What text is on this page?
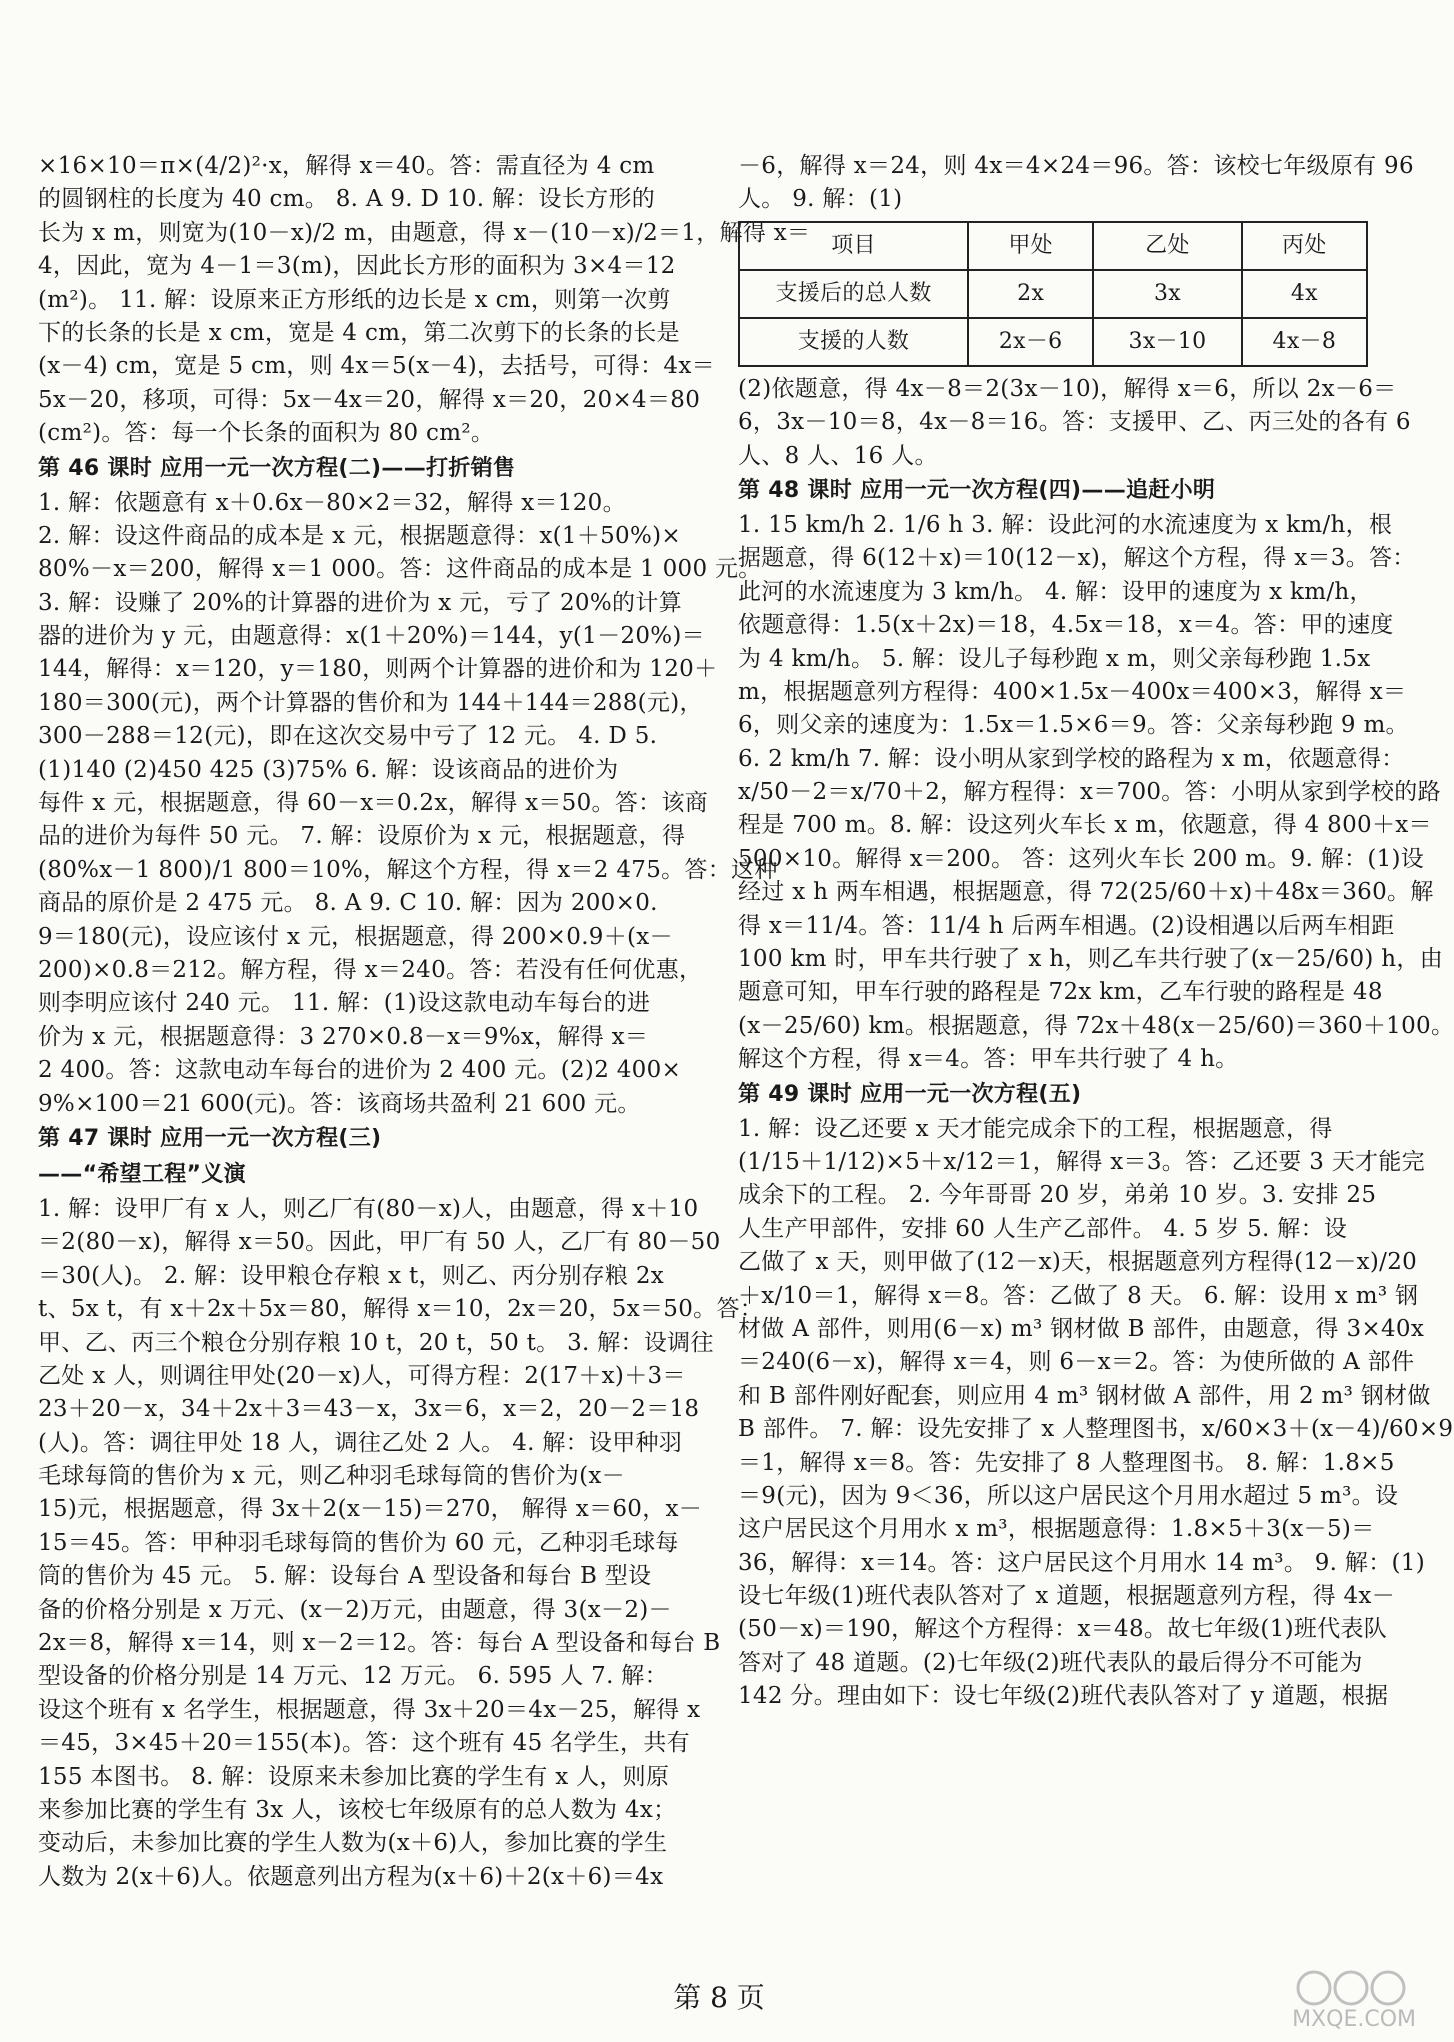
×16×10＝π×(4/2)²·x，解得 x＝40。答：需直径为 4 cm
的圆钢柱的长度为 40 cm。 8. A 9. D 10. 解：设长方形的
长为 x m，则宽为(10－x)/2 m，由题意，得 x－(10－x)/2＝1，解得 x＝
4，因此，宽为 4－1＝3(m)，因此长方形的面积为 3×4＝12
(m²)。 11. 解：设原来正方形纸的边长是 x cm，则第一次剪
下的长条的长是 x cm，宽是 4 cm，第二次剪下的长条的长是
(x－4) cm，宽是 5 cm，则 4x＝5(x－4)，去括号，可得：4x＝
5x－20，移项，可得：5x－4x＝20，解得 x＝20，20×4＝80
(cm²)。答：每一个长条的面积为 80 cm²。
第 46 课时 应用一元一次方程(二)——打折销售
1. 解：依题意有 x＋0.6x－80×2＝32，解得 x＝120。
2. 解：设这件商品的成本是 x 元，根据题意得：x(1＋50%)×
80%－x＝200，解得 x＝1 000。答：这件商品的成本是 1 000 元。
3. 解：设赚了 20%的计算器的进价为 x 元，亏了 20%的计算
器的进价为 y 元，由题意得：x(1＋20%)＝144，y(1－20%)＝
144，解得：x＝120，y＝180，则两个计算器的进价和为 120＋
180＝300(元)，两个计算器的售价和为 144＋144＝288(元)，
300－288＝12(元)，即在这次交易中亏了 12 元。 4. D 5.
(1)140 (2)450 425 (3)75% 6. 解：设该商品的进价为
每件 x 元，根据题意，得 60－x＝0.2x，解得 x＝50。答：该商
品的进价为每件 50 元。 7. 解：设原价为 x 元，根据题意，得
(80%x－1 800)/1 800＝10%，解这个方程，得 x＝2 475。答：这种
商品的原价是 2 475 元。 8. A 9. C 10. 解：因为 200×0.
9＝180(元)，设应该付 x 元，根据题意，得 200×0.9＋(x－
200)×0.8＝212。解方程，得 x＝240。答：若没有任何优惠，
则李明应该付 240 元。 11. 解：(1)设这款电动车每台的进
价为 x 元，根据题意得：3 270×0.8－x＝9%x，解得 x＝
2 400。答：这款电动车每台的进价为 2 400 元。(2)2 400×
9%×100＝21 600(元)。答：该商场共盈利 21 600 元。
第 47 课时 应用一元一次方程(三)
——“希望工程”义演
1. 解：设甲厂有 x 人，则乙厂有(80－x)人，由题意，得 x＋10
＝2(80－x)，解得 x＝50。因此，甲厂有 50 人，乙厂有 80－50
＝30(人)。 2. 解：设甲粮仓存粮 x t，则乙、丙分别存粮 2x
t、5x t，有 x＋2x＋5x＝80，解得 x＝10，2x＝20，5x＝50。答：
甲、乙、丙三个粮仓分别存粮 10 t，20 t，50 t。 3. 解：设调往
乙处 x 人，则调往甲处(20－x)人，可得方程：2(17＋x)＋3＝
23＋20－x，34＋2x＋3＝43－x，3x＝6，x＝2，20－2＝18
(人)。答：调往甲处 18 人，调往乙处 2 人。 4. 解：设甲种羽
毛球每筒的售价为 x 元，则乙种羽毛球每筒的售价为(x－
15)元，根据题意，得 3x＋2(x－15)＝270， 解得 x＝60，x－
15＝45。答：甲种羽毛球每筒的售价为 60 元，乙种羽毛球每
筒的售价为 45 元。 5. 解：设每台 A 型设备和每台 B 型设
备的价格分别是 x 万元、(x－2)万元，由题意，得 3(x－2)－
2x＝8，解得 x＝14，则 x－2＝12。答：每台 A 型设备和每台 B
型设备的价格分别是 14 万元、12 万元。 6. 595 人 7. 解：
设这个班有 x 名学生，根据题意，得 3x＋20＝4x－25，解得 x
＝45，3×45＋20＝155(本)。答：这个班有 45 名学生，共有
155 本图书。 8. 解：设原来未参加比赛的学生有 x 人，则原
来参加比赛的学生有 3x 人，该校七年级原有的总人数为 4x；
变动后，未参加比赛的学生人数为(x＋6)人，参加比赛的学生
人数为 2(x＋6)人。依题意列出方程为(x＋6)＋2(x＋6)＝4x
－6，解得 x＝24，则 4x＝4×24＝96。答：该校七年级原有 96
人。 9. 解：(1)
项目	甲处	乙处	丙处
支援后的总人数	2x	3x	4x
支援的人数	2x－6	3x－10	4x－8
(2)依题意，得 4x－8＝2(3x－10)，解得 x＝6，所以 2x－6＝
6，3x－10＝8，4x－8＝16。答：支援甲、乙、丙三处的各有 6
人、8 人、16 人。
第 48 课时 应用一元一次方程(四)——追赶小明
1. 15 km/h 2. 1/6 h 3. 解：设此河的水流速度为 x km/h，根
据题意，得 6(12＋x)＝10(12－x)，解这个方程，得 x＝3。答：
此河的水流速度为 3 km/h。 4. 解：设甲的速度为 x km/h，
依题意得：1.5(x＋2x)＝18，4.5x＝18，x＝4。答：甲的速度
为 4 km/h。 5. 解：设儿子每秒跑 x m，则父亲每秒跑 1.5x
m，根据题意列方程得：400×1.5x－400x＝400×3，解得 x＝
6，则父亲的速度为：1.5x＝1.5×6＝9。答：父亲每秒跑 9 m。
6. 2 km/h 7. 解：设小明从家到学校的路程为 x m，依题意得：
x/50－2＝x/70＋2，解方程得：x＝700。答：小明从家到学校的路
程是 700 m。8. 解：设这列火车长 x m，依题意，得 4 800＋x＝
500×10。解得 x＝200。 答：这列火车长 200 m。9. 解：(1)设
经过 x h 两车相遇，根据题意，得 72(25/60＋x)＋48x＝360。解
得 x＝11/4。答：11/4 h 后两车相遇。(2)设相遇以后两车相距
100 km 时，甲车共行驶了 x h，则乙车共行驶了(x－25/60) h，由
题意可知，甲车行驶的路程是 72x km，乙车行驶的路程是 48
(x－25/60) km。根据题意，得 72x＋48(x－25/60)＝360＋100。
解这个方程，得 x＝4。答：甲车共行驶了 4 h。
第 49 课时 应用一元一次方程(五)
1. 解：设乙还要 x 天才能完成余下的工程，根据题意，得
(1/15＋1/12)×5＋x/12＝1，解得 x＝3。答：乙还要 3 天才能完
成余下的工程。 2. 今年哥哥 20 岁，弟弟 10 岁。3. 安排 25
人生产甲部件，安排 60 人生产乙部件。 4. 5 岁 5. 解：设
乙做了 x 天，则甲做了(12－x)天，根据题意列方程得(12－x)/20
＋x/10＝1，解得 x＝8。答：乙做了 8 天。 6. 解：设用 x m³ 钢
材做 A 部件，则用(6－x) m³ 钢材做 B 部件，由题意，得 3×40x
＝240(6－x)，解得 x＝4，则 6－x＝2。答：为使所做的 A 部件
和 B 部件刚好配套，则应用 4 m³ 钢材做 A 部件，用 2 m³ 钢材做
B 部件。 7. 解：设先安排了 x 人整理图书，x/60×3＋(x－4)/60×9
＝1，解得 x＝8。答：先安排了 8 人整理图书。 8. 解：1.8×5
＝9(元)，因为 9＜36，所以这户居民这个月用水超过 5 m³。设
这户居民这个月用水 x m³，根据题意得：1.8×5＋3(x－5)＝
36，解得：x＝14。答：这户居民这个月用水 14 m³。 9. 解：(1)
设七年级(1)班代表队答对了 x 道题，根据题意列方程，得 4x－
(50－x)＝190，解这个方程得：x＝48。故七年级(1)班代表队
答对了 48 道题。(2)七年级(2)班代表队的最后得分不可能为
142 分。理由如下：设七年级(2)班代表队答对了 y 道题，根据
第 8 页
MXQE.COM
